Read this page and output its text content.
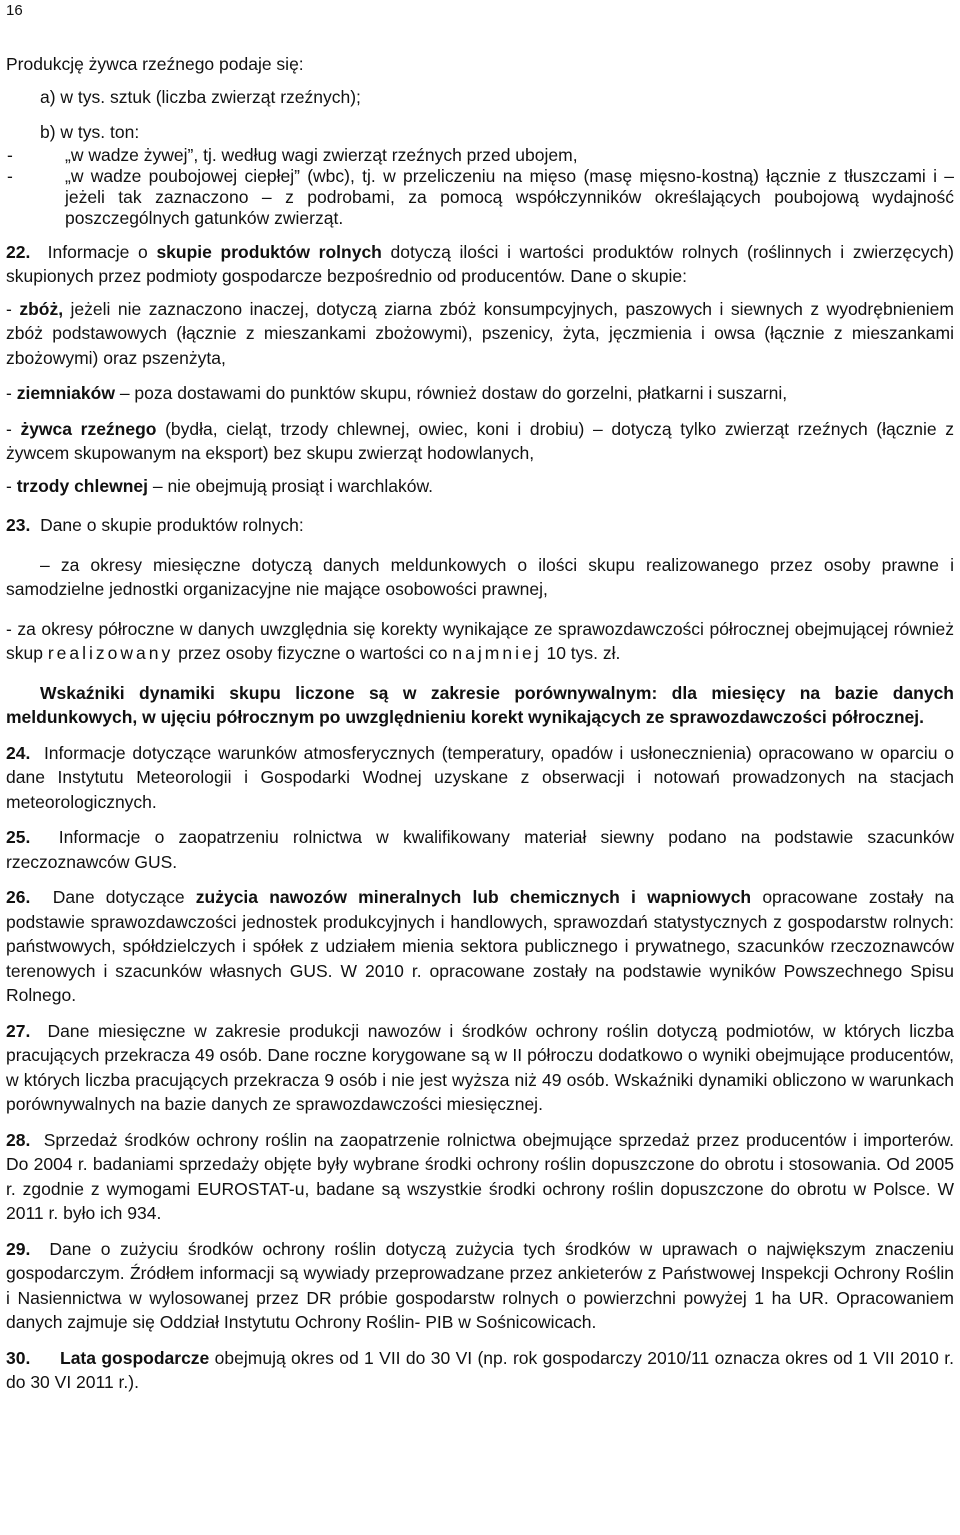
16

Produkcję żywca rzeźnego podaje się:

a) w tys. sztuk (liczba zwierząt rzeźnych);

b) w tys. ton:

-	„w wadze żywej”, tj. według wagi zwierząt rzeźnych przed ubojem,
-	„w wadze poubojowej ciepłej” (wbc), tj. w przeliczeniu na mięso (masę mięsno-kostną) łącznie z tłuszczami i – jeżeli tak zaznaczono – z podrobami, za pomocą współczynników określających poubojową wydajność poszczególnych gatunków zwierząt.

22. Informacje o skupie produktów rolnych dotyczą ilości i wartości produktów rolnych (roślinnych i zwierzęcych) skupionych przez podmioty gospodarcze bezpośrednio od producentów. Dane o skupie:

- zbóż, jeżeli nie zaznaczono inaczej, dotyczą ziarna zbóż konsumpcyjnych, paszowych i siewnych z wyodrębnieniem zbóż podstawowych (łącznie z mieszankami zbożowymi), pszenicy, żyta, jęczmienia i owsa (łącznie z mieszankami zbożowymi) oraz pszenżyta,

- ziemniaków – poza dostawami do punktów skupu, również dostaw do gorzelni, płatkarni i suszarni,

- żywca rzeźnego (bydła, cieląt, trzody chlewnej, owiec, koni i drobiu) – dotyczą tylko zwierząt rzeźnych (łącznie z żywcem skupowanym na eksport) bez skupu zwierząt hodowlanych,

- trzody chlewnej – nie obejmują prosiąt i warchlaków.

23. Dane o skupie produktów rolnych:

– za okresy miesięczne dotyczą danych meldunkowych o ilości skupu realizowanego przez osoby prawne i samodzielne jednostki organizacyjne nie mające osobowości prawnej,

- za okresy półroczne w danych uwzględnia się korekty wynikające ze sprawozdawczości półrocznej obejmującej również skup realizowany przez osoby fizyczne o wartości co najmniej 10 tys. zł.

Wskaźniki dynamiki skupu liczone są w zakresie porównywalnym: dla miesięcy na bazie danych meldunkowych, w ujęciu półrocznym po uwzględnieniu korekt wynikających ze sprawozdawczości półrocznej.

24. Informacje dotyczące warunków atmosferycznych (temperatury, opadów i usłonecznienia) opracowano w oparciu o dane Instytutu Meteorologii i Gospodarki Wodnej uzyskane z obserwacji i notowań prowadzonych na stacjach meteorologicznych.

25. Informacje o zaopatrzeniu rolnictwa w kwalifikowany materiał siewny podano na podstawie szacunków rzeczoznawców GUS.

26. Dane dotyczące zużycia nawozów mineralnych lub chemicznych i wapniowych opracowane zostały na podstawie sprawozdawczości jednostek produkcyjnych i handlowych, sprawozdań statystycznych z gospodarstw rolnych: państwowych, spółdzielczych i spółek z udziałem mienia sektora publicznego i prywatnego, szacunków rzeczoznawców terenowych i szacunków własnych GUS. W 2010 r. opracowane zostały na podstawie wyników Powszechnego Spisu Rolnego.

27. Dane miesięczne w zakresie produkcji nawozów i środków ochrony roślin dotyczą podmiotów, w których liczba pracujących przekracza 49 osób. Dane roczne korygowane są w II półroczu dodatkowo o wyniki obejmujące producentów, w których liczba pracujących przekracza 9 osób i nie jest wyższa niż 49 osób. Wskaźniki dynamiki obliczono w warunkach porównywalnych na bazie danych ze sprawozdawczości miesięcznej.

28. Sprzedaż środków ochrony roślin na zaopatrzenie rolnictwa obejmujące sprzedaż przez producentów i importerów. Do 2004 r. badaniami sprzedaży objęte były wybrane środki ochrony roślin dopuszczone do obrotu i stosowania. Od 2005 r. zgodnie z wymogami EUROSTAT-u, badane są wszystkie środki ochrony roślin dopuszczone do obrotu w Polsce. W 2011 r. było ich 934.

29. Dane o zużyciu środków ochrony roślin dotyczą zużycia tych środków w uprawach o największym znaczeniu gospodarczym. Źródłem informacji są wywiady przeprowadzane przez ankieterów z Państwowej Inspekcji Ochrony Roślin i Nasiennictwa w wylosowanej przez DR próbie gospodarstw rolnych o powierzchni powyżej 1 ha UR. Opracowaniem danych zajmuje się Oddział Instytutu Ochrony Roślin- PIB w Sośnicowicach.

30. Lata gospodarcze obejmują okres od 1 VII do 30 VI (np. rok gospodarczy 2010/11 oznacza okres od 1 VII 2010 r. do 30 VI 2011 r.).
